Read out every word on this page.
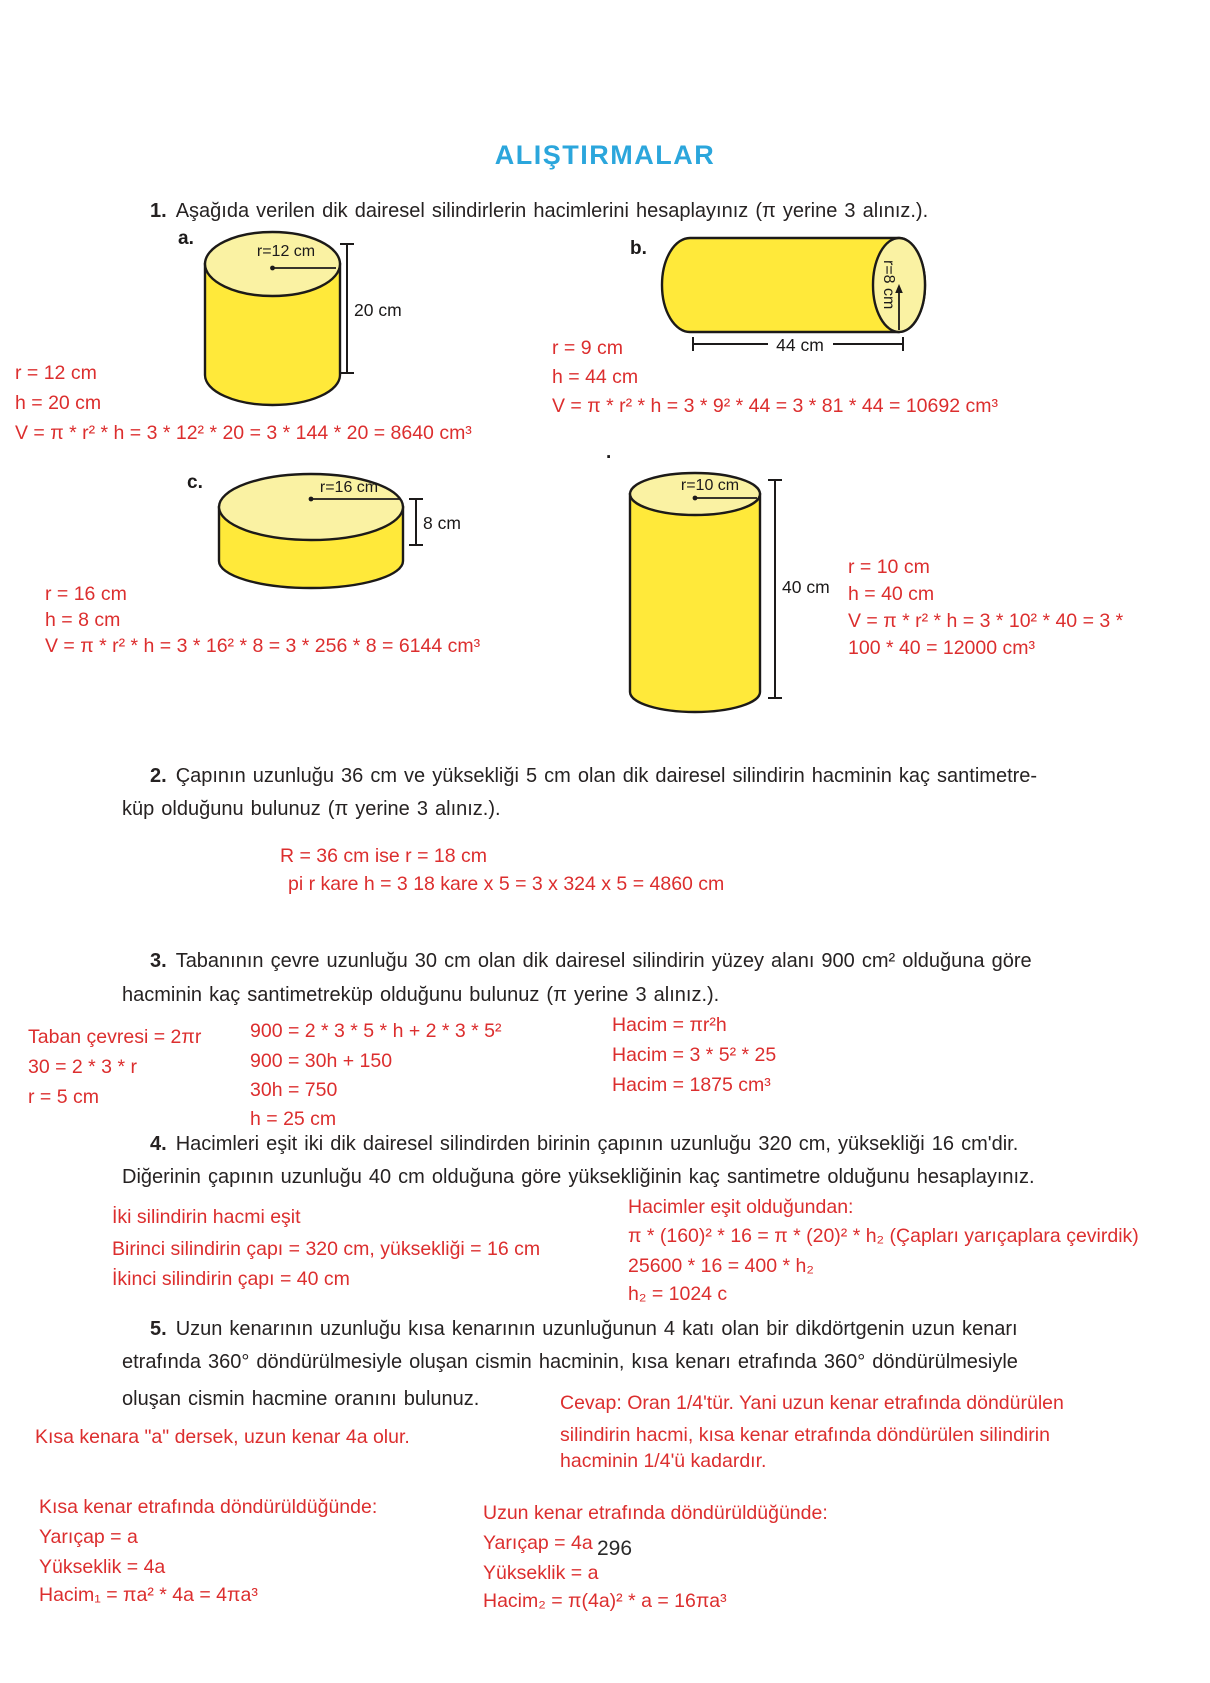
ALIŞTIRMALAR
1. Aşağıda verilen dik dairesel silindirlerin hacimlerini hesaplayınız (π yerine 3 alınız.).
a.
r=12 cm
20 cm
b.
r=8 cm
44 cm
r = 12 cm
h = 20 cm
V = π * r² * h = 3 * 12² * 20 = 3 * 144 * 20 = 8640 cm³
r = 9 cm
h = 44 cm
V = π * r² * h = 3 * 9² * 44 = 3 * 81 * 44 = 10692 cm³
c.	r=16 cm
8 cm
.
r=10 cm
40 cm
r = 16 cm
h = 8 cm
V = π * r² * h = 3 * 16² * 8 = 3 * 256 * 8 = 6144 cm³
r = 10 cm
h = 40 cm
V = π * r² * h = 3 * 10² * 40 = 3 *
100 * 40 = 12000 cm³
2. Çapının uzunluğu 36 cm ve yüksekliği 5 cm olan dik dairesel silindirin hacminin kaç santimetre-
küp olduğunu bulunuz (π yerine 3 alınız.).
R = 36 cm ise r = 18 cm
pi r kare h = 3 18 kare x 5 = 3 x 324 x 5 = 4860 cm
3. Tabanının çevre uzunluğu 30 cm olan dik dairesel silindirin yüzey alanı 900 cm² olduğuna göre
hacminin kaç santimetreküp olduğunu bulunuz (π yerine 3 alınız.).
Taban çevresi = 2πr
30 = 2 * 3 * r
r = 5 cm
900 = 2 * 3 * 5 * h + 2 * 3 * 5²
900 = 30h + 150
30h = 750
h = 25 cm
Hacim = πr²h
Hacim = 3 * 5² * 25
Hacim = 1875 cm³
4. Hacimleri eşit iki dik dairesel silindirden birinin çapının uzunluğu 320 cm, yüksekliği 16 cm'dir.
Diğerinin çapının uzunluğu 40 cm olduğuna göre yüksekliğinin kaç santimetre olduğunu hesaplayınız.
İki silindirin hacmi eşit
Birinci silindirin çapı = 320 cm, yüksekliği = 16 cm
İkinci silindirin çapı = 40 cm
Hacimler eşit olduğundan:
π * (160)² * 16 = π * (20)² * h₂ (Çapları yarıçaplara çevirdik)
25600 * 16 = 400 * h₂
h₂ = 1024 c
5. Uzun kenarının uzunluğu kısa kenarının uzunluğunun 4 katı olan bir dikdörtgenin uzun kenarı
etrafında 360° döndürülmesiyle oluşan cismin hacminin, kısa kenarı etrafında 360° döndürülmesiyle
oluşan cismin hacmine oranını bulunuz.
Kısa kenara "a" dersek, uzun kenar 4a olur.
Cevap: Oran 1/4'tür. Yani uzun kenar etrafında döndürülen
silindirin hacmi, kısa kenar etrafında döndürülen silindirin
hacminin 1/4'ü kadardır.
Kısa kenar etrafında döndürüldüğünde:
Yarıçap = a
Yükseklik = 4a
Hacim₁ = πa² * 4a = 4πa³
Uzun kenar etrafında döndürüldüğünde:
Yarıçap = 4a
Yükseklik = a
Hacim₂ = π(4a)² * a = 16πa³
296
